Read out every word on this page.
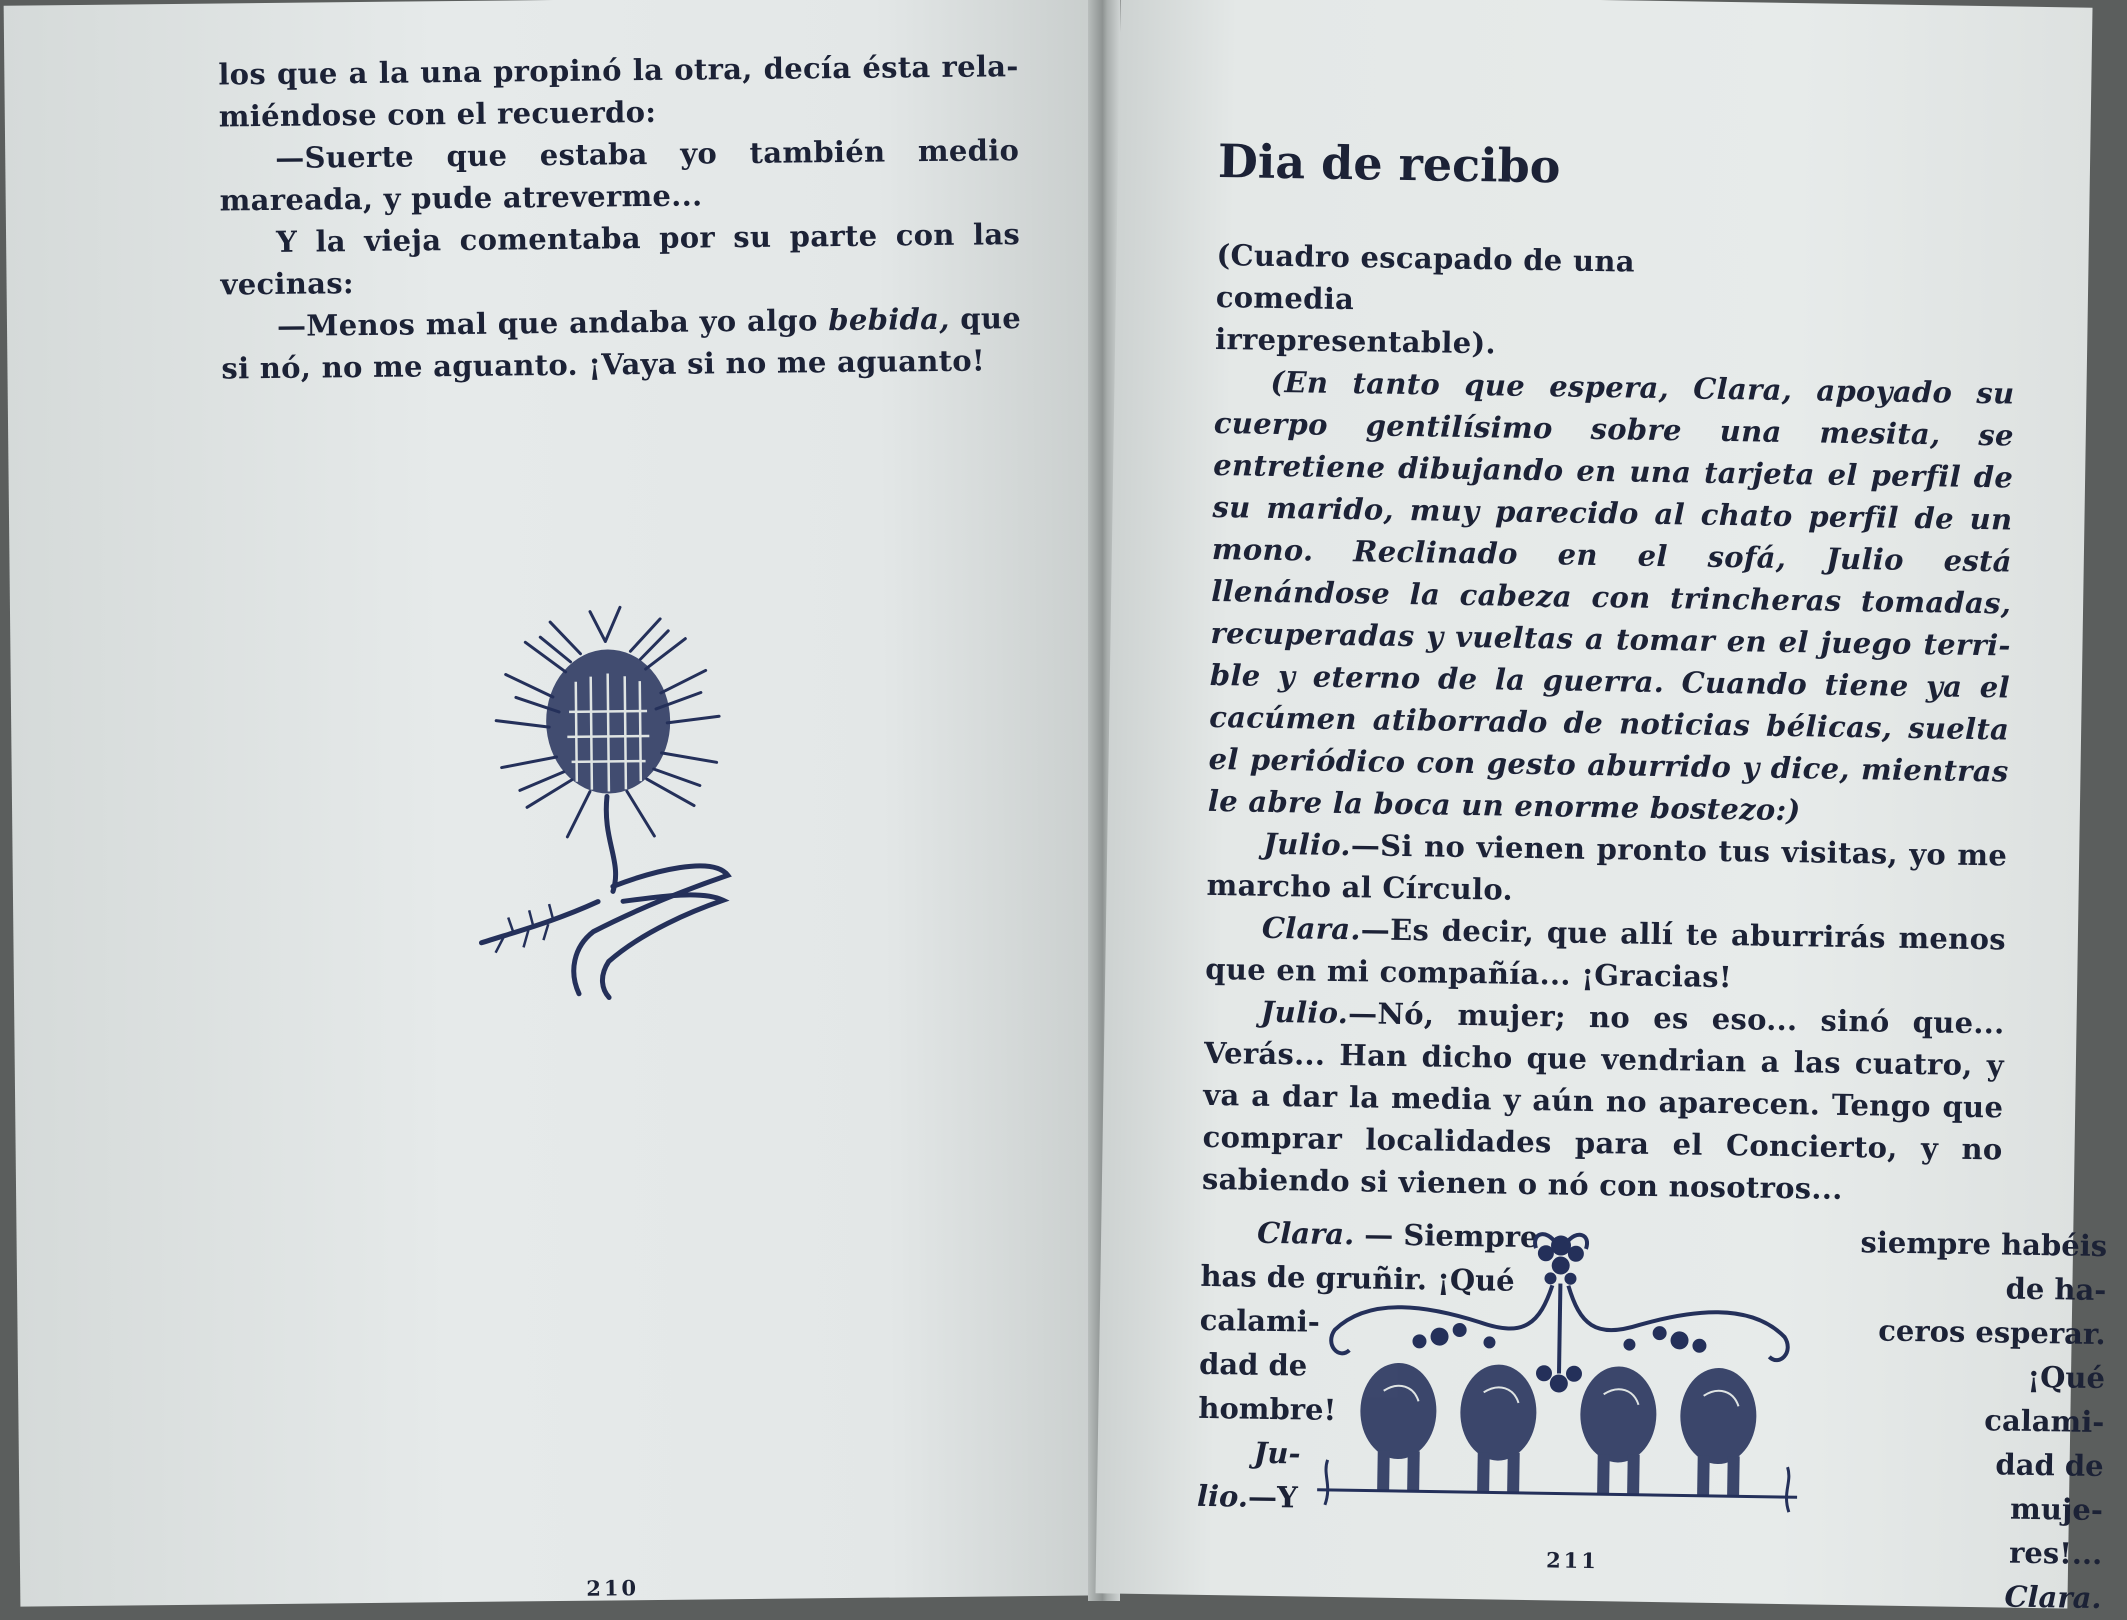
los que a la una propinó la otra, decía ésta relamiéndose con el recuerdo:

—Suerte que estaba yo también medio mareada, y pude atreverme...

Y la vieja comentaba por su parte con las vecinas:

—Menos mal que andaba yo algo bebida, que si nó, no me aguanto. ¡Vaya si no me aguanto!

210
Dia de recibo

(Cuadro escapado de una comedia irrepresentable).

(En tanto que espera, Clara, apoyado su cuerpo gentilísimo sobre una mesita, se entretiene dibujando en una tarjeta el perfil de su marido, muy parecido al chato perfil de un mono. Reclinado en el sofá, Julio está llenándose la cabeza con trincheras tomadas, recuperadas y vueltas a tomar en el juego terrible y eterno de la guerra. Cuando tiene ya el cacúmen atiborrado de noticias bélicas, suelta el periódico con gesto aburrido y dice, mientras le abre la boca un enorme bostezo:)

Julio.—Si no vienen pronto tus visitas, yo me marcho al Círculo.

Clara.—Es decir, que allí te aburrirás menos que en mi compañía... ¡Gracias!

Julio.—Nó, mujer; no es eso... sinó que... Verás... Han dicho que vendrian a las cuatro, y va a dar la media y aún no aparecen. Tengo que comprar localidades para el Concierto, y no sabiendo si vienen o nó con nosotros...

Clara. — Siempre

has de gruñir. ¡Qué

calami-

dad de

hombre!

Ju-

lio.—Y

siempre habéis de ha-

ceros esperar. ¡Qué

calami-

dad de

muje-

res!...

Clara.

211
